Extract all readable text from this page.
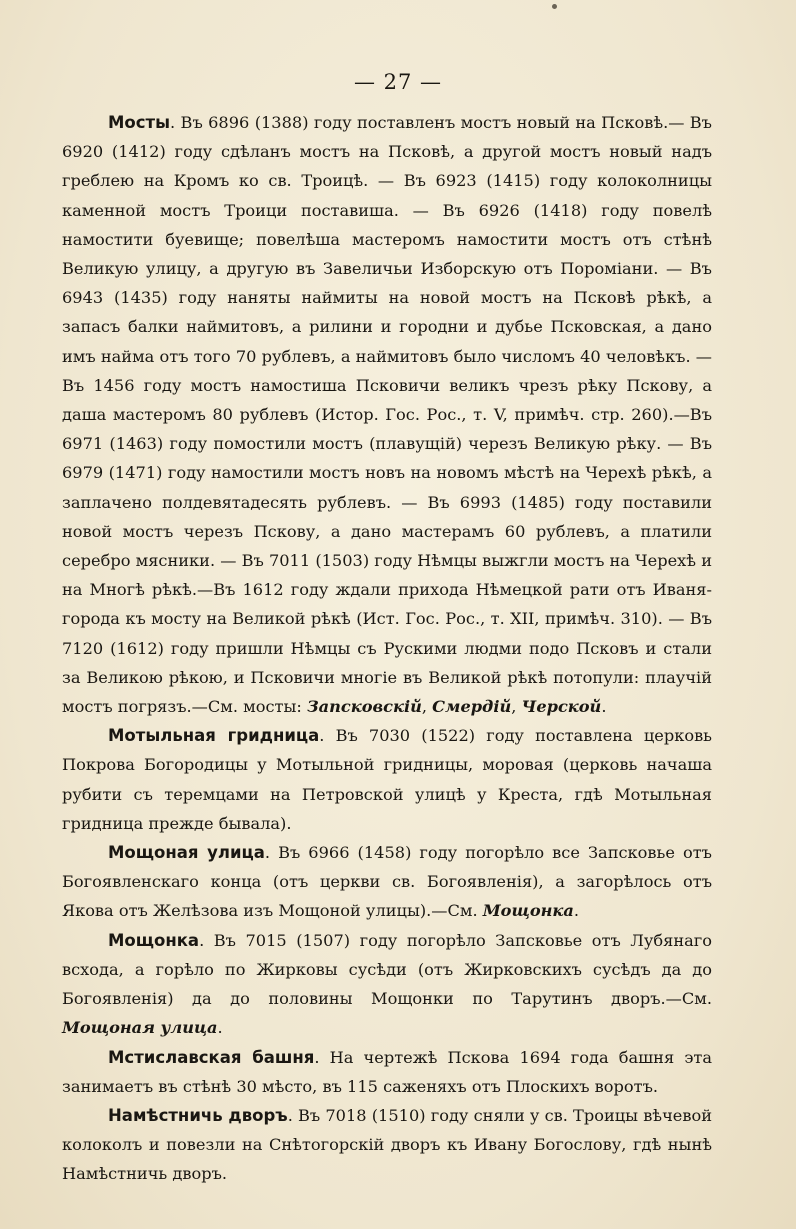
— 27 —

Мосты. Въ 6896 (1388) году поставленъ мостъ новый на Псковѣ.— Въ 6920 (1412) году сдѣланъ мостъ на Псковѣ, а другой мостъ новый надъ греблею на Кромъ ко св. Троицѣ. — Въ 6923 (1415) году колоколницы каменной мостъ Троици поставиша. — Въ 6926 (1418) году повелѣ намостити буевище; повелѣша мастеромъ намостити мостъ отъ стѣнѣ Великую улицу, а другую въ Завеличьи Изборскую отъ Пороміани. — Въ 6943 (1435) году наняты наймиты на новой мостъ на Псковѣ рѣкѣ, а запасъ балки наймитовъ, а рилини и городни и дубье Псковская, а дано имъ найма отъ того 70 рублевъ, а наймитовъ было числомъ 40 человѣкъ. — Въ 1456 году мостъ намостиша Псковичи великъ чрезъ рѣку Пскову, а даша мастеромъ 80 рублевъ (Истор. Гос. Рос., т. V, примѣч. стр. 260).—Въ 6971 (1463) году помостили мостъ (плавущій) черезъ Великую рѣку. — Въ 6979 (1471) году намостили мостъ новъ на новомъ мѣстѣ на Черехѣ рѣкѣ, а заплачено полдевятадесять рублевъ. — Въ 6993 (1485) году поставили новой мостъ черезъ Пскову, а дано мастерамъ 60 рублевъ, а платили серебро мясники. — Въ 7011 (1503) году Нѣмцы выжгли мостъ на Черехѣ и на Многѣ рѣкѣ.—Въ 1612 году ждали прихода Нѣмецкой рати отъ Иваня-города къ мосту на Великой рѣкѣ (Ист. Гос. Рос., т. XII, примѣч. 310). — Въ 7120 (1612) году пришли Нѣмцы съ Рускими людми подо Псковъ и стали за Великою рѣкою, и Псковичи многіе въ Великой рѣкѣ потопули: плаучій мостъ погрязъ.—См. мосты: Запсковскій, Смердій, Черской.

Мотыльная гридница. Въ 7030 (1522) году поставлена церковь Покрова Богородицы у Мотыльной гридницы, моровая (церковь начаша рубити съ теремцами на Петровской улицѣ у Креста, гдѣ Мотыльная гридница прежде бывала).

Мощоная улица. Въ 6966 (1458) году погорѣло все Запсковье отъ Богоявленскаго конца (отъ церкви св. Богоявленія), а загорѣлось отъ Якова отъ Желѣзова изъ Мощоной улицы).—См. Мощонка.

Мощонка. Въ 7015 (1507) году погорѣло Запсковье отъ Лубянаго всхода, а горѣло по Жирковы сусѣди (отъ Жирковскихъ сусѣдъ да до Богоявленія) да до половины Мощонки по Тарутинъ дворъ.—См. Мощоная улица.

Мстиславская башня. На чертежѣ Пскова 1694 года башня эта занимаетъ въ стѣнѣ 30 мѣсто, въ 115 саженяхъ отъ Плоскихъ воротъ.

Намѣстничь дворъ. Въ 7018 (1510) году сняли у св. Троицы вѣчевой колоколъ и повезли на Снѣтогорскій дворъ къ Ивану Богослову, гдѣ нынѣ Намѣстничь дворъ.
